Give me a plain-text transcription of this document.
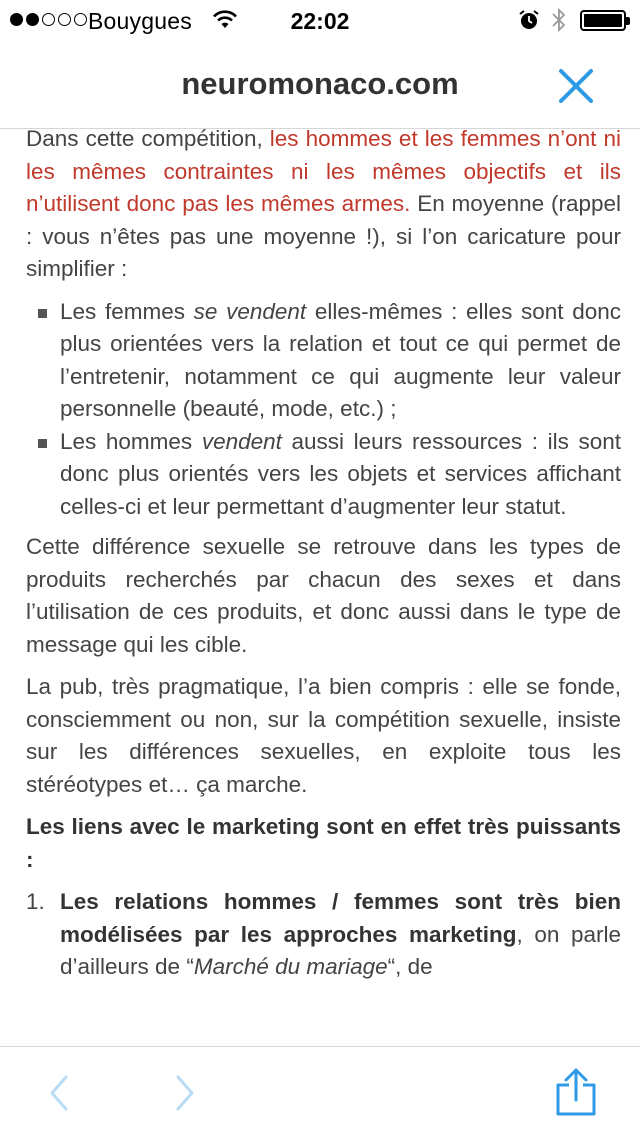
Bouygues	22:02
neuromonaco.com

Dans cette compétition, les hommes et les femmes n’ont ni les mêmes contraintes ni les mêmes objectifs et ils n’utilisent donc pas les mêmes armes. En moyenne (rappel : vous n’êtes pas une moyenne !), si l’on caricature pour simplifier :

Les femmes se vendent elles-mêmes : elles sont donc plus orientées vers la relation et tout ce qui permet de l’entretenir, notamment ce qui augmente leur valeur personnelle (beauté, mode, etc.) ;
Les hommes vendent aussi leurs ressources : ils sont donc plus orientés vers les objets et services affichant celles-ci et leur permettant d’augmenter leur statut.

Cette différence sexuelle se retrouve dans les types de produits recherchés par chacun des sexes et dans l’utilisation de ces produits, et donc aussi dans le type de message qui les cible.

La pub, très pragmatique, l’a bien compris : elle se fonde, consciemment ou non, sur la compétition sexuelle, insiste sur les différences sexuelles, en exploite tous les stéréotypes et… ça marche.

Les liens avec le marketing sont en effet très puissants :

1. Les relations hommes / femmes sont très bien modélisées par les approches marketing, on parle d’ailleurs de “Marché du mariage“, de
